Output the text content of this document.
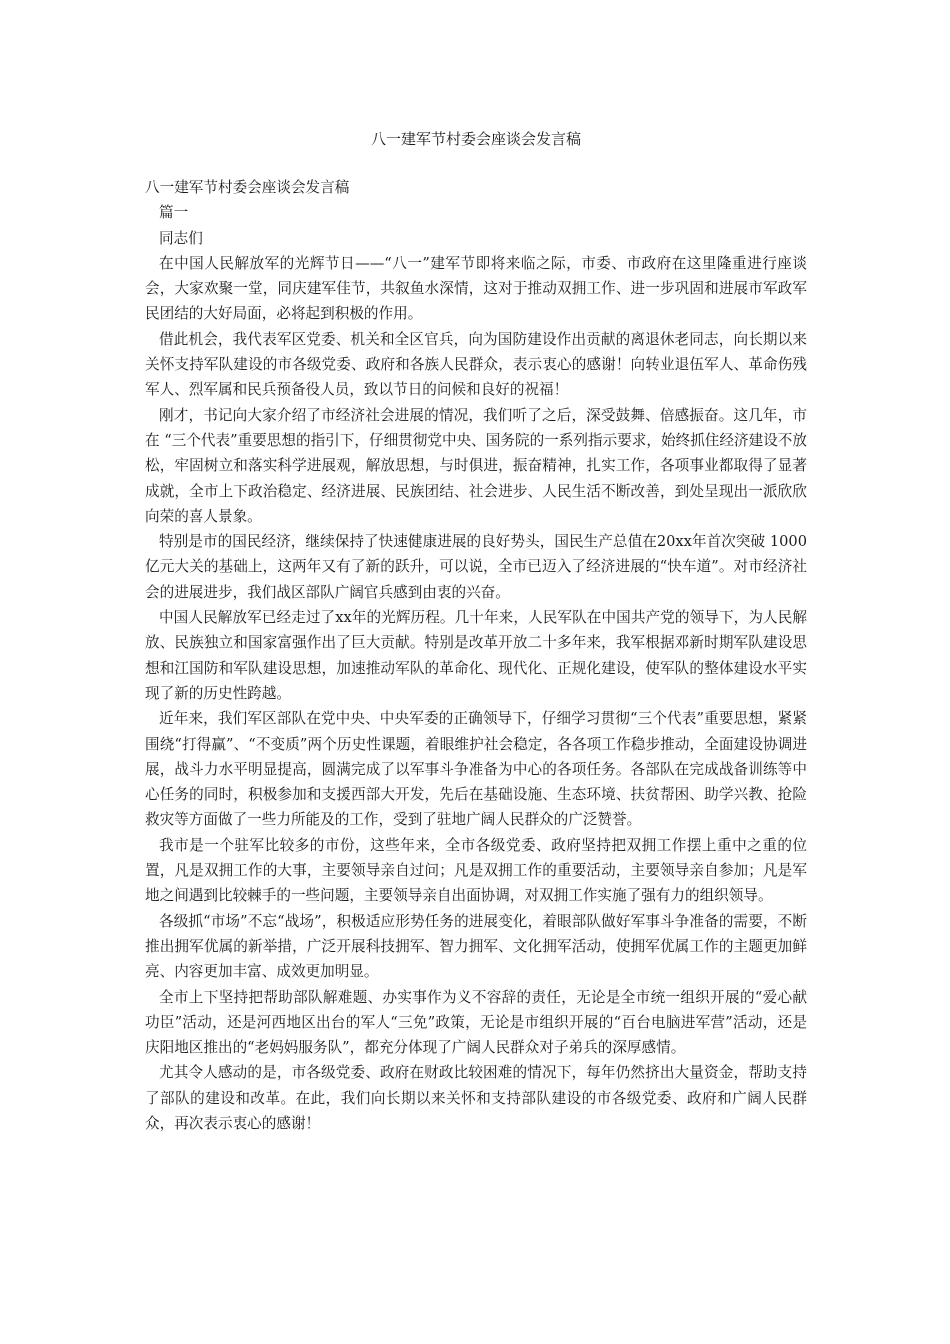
八一建军节村委会座谈会发言稿

八一建军节村委会座谈会发言稿

篇一

同志们

在中国人民解放军的光辉节日——“八一”建军节即将来临之际，市委、市政府在这里隆重进行座谈会，大家欢聚一堂，同庆建军佳节，共叙鱼水深情，这对于推动双拥工作、进一步巩固和进展市军政军民团结的大好局面，必将起到积极的作用。

借此机会，我代表军区党委、机关和全区官兵，向为国防建设作出贡献的离退休老同志，向长期以来关怀支持军队建设的市各级党委、政府和各族人民群众，表示衷心的感谢！向转业退伍军人、革命伤残军人、烈军属和民兵预备役人员，致以节日的问候和良好的祝福！

刚才，书记向大家介绍了市经济社会进展的情况，我们听了之后，深受鼓舞、倍感振奋。这几年，市在 “三个代表”重要思想的指引下，仔细贯彻党中央、国务院的一系列指示要求，始终抓住经济建设不放松，牢固树立和落实科学进展观，解放思想，与时俱进，振奋精神，扎实工作，各项事业都取得了显著成就，全市上下政治稳定、经济进展、民族团结、社会进步、人民生活不断改善，到处呈现出一派欣欣向荣的喜人景象。

特别是市的国民经济，继续保持了快速健康进展的良好势头，国民生产总值在20xx年首次突破 1000亿元大关的基础上，这两年又有了新的跃升，可以说，全市已迈入了经济进展的“快车道”。对市经济社会的进展进步，我们战区部队广阔官兵感到由衷的兴奋。

中国人民解放军已经走过了xx年的光辉历程。几十年来，人民军队在中国共产党的领导下，为人民解放、民族独立和国家富强作出了巨大贡献。特别是改革开放二十多年来，我军根据邓新时期军队建设思想和江国防和军队建设思想，加速推动军队的革命化、现代化、正规化建设，使军队的整体建设水平实现了新的历史性跨越。

近年来，我们军区部队在党中央、中央军委的正确领导下，仔细学习贯彻“三个代表”重要思想，紧紧围绕“打得赢”、“不变质”两个历史性课题，着眼维护社会稳定，各各项工作稳步推动，全面建设协调进展，战斗力水平明显提高，圆满完成了以军事斗争准备为中心的各项任务。各部队在完成战备训练等中心任务的同时，积极参加和支援西部大开发，先后在基础设施、生态环境、扶贫帮困、助学兴教、抢险救灾等方面做了一些力所能及的工作，受到了驻地广阔人民群众的广泛赞誉。

我市是一个驻军比较多的市份，这些年来，全市各级党委、政府坚持把双拥工作摆上重中之重的位置，凡是双拥工作的大事，主要领导亲自过问；凡是双拥工作的重要活动，主要领导亲自参加；凡是军地之间遇到比较棘手的一些问题，主要领导亲自出面协调，对双拥工作实施了强有力的组织领导。

各级抓“市场”不忘“战场”，积极适应形势任务的进展变化，着眼部队做好军事斗争准备的需要，不断推出拥军优属的新举措，广泛开展科技拥军、智力拥军、文化拥军活动，使拥军优属工作的主题更加鲜亮、内容更加丰富、成效更加明显。

全市上下坚持把帮助部队解难题、办实事作为义不容辞的责任，无论是全市统一组织开展的“爱心献功臣”活动，还是河西地区出台的军人“三免”政策，无论是市组织开展的“百台电脑进军营”活动，还是庆阳地区推出的“老妈妈服务队”，都充分体现了广阔人民群众对子弟兵的深厚感情。

尤其令人感动的是，市各级党委、政府在财政比较困难的情况下，每年仍然挤出大量资金，帮助支持了部队的建设和改革。在此，我们向长期以来关怀和支持部队建设的市各级党委、政府和广阔人民群众，再次表示衷心的感谢！
